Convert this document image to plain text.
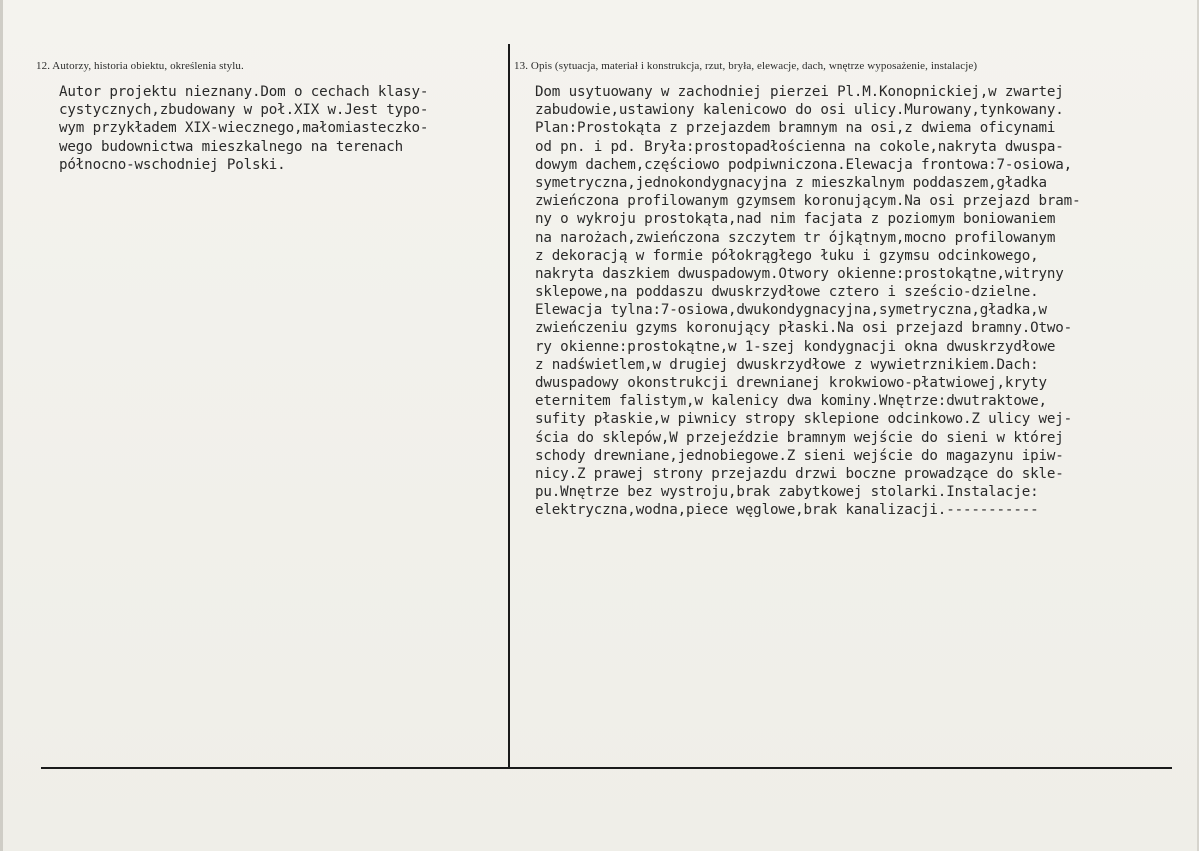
12. Autorzy, historia obiektu, określenia stylu.	13. Opis (sytuacja, materiał i konstrukcja, rzut, bryła, elewacje, dach, wnętrze wyposażenie, instalacje)
Autor projektu nieznany.Dom o cechach klasy-
cystycznych,zbudowany w poł.XIX w.Jest typo-
wym przykładem XIX-wiecznego,małomiasteczko-
wego budownictwa mieszkalnego na terenach
północno-wschodniej Polski.
Dom usytuowany w zachodniej pierzei Pl.M.Konopnickiej,w zwartej
zabudowie,ustawiony kalenicowo do osi ulicy.Murowany,tynkowany.
Plan:Prostokąta z przejazdem bramnym na osi,z dwiema oficynami
od pn. i pd. Bryła:prostopadłościenna na cokole,nakryta dwuspa-
dowym dachem,częściowo podpiwniczona.Elewacja frontowa:7-osiowa,
symetryczna,jednokondygnacyjna z mieszkalnym poddaszem,gładka
zwieńczona profilowanym gzymsem koronującym.Na osi przejazd bram-
ny o wykroju prostokąta,nad nim facjata z poziomym boniowaniem
na narożach,zwieńczona szczytem tr ójkątnym,mocno profilowanym
z dekoracją w formie półokrągłego łuku i gzymsu odcinkowego,
nakryta daszkiem dwuspadowym.Otwory okienne:prostokątne,witryny
sklepowe,na poddaszu dwuskrzydłowe cztero i sześcio-dzielne.
Elewacja tylna:7-osiowa,dwukondygnacyjna,symetryczna,gładka,w
zwieńczeniu gzyms koronujący płaski.Na osi przejazd bramny.Otwo-
ry okienne:prostokątne,w 1-szej kondygnacji okna dwuskrzydłowe
z nadświetlem,w drugiej dwuskrzydłowe z wywietrznikiem.Dach:
dwuspadowy okonstrukcji drewnianej krokwiowo-płatwiowej,kryty
eternitem falistym,w kalenicy dwa kominy.Wnętrze:dwutraktowe,
sufity płaskie,w piwnicy stropy sklepione odcinkowo.Z ulicy wej-
ścia do sklepów,W przejeździe bramnym wejście do sieni w której
schody drewniane,jednobiegowe.Z sieni wejście do magazynu ipiw-
nicy.Z prawej strony przejazdu drzwi boczne prowadzące do skle-
pu.Wnętrze bez wystroju,brak zabytkowej stolarki.Instalacje:
elektryczna,wodna,piece węglowe,brak kanalizacji.-----------
